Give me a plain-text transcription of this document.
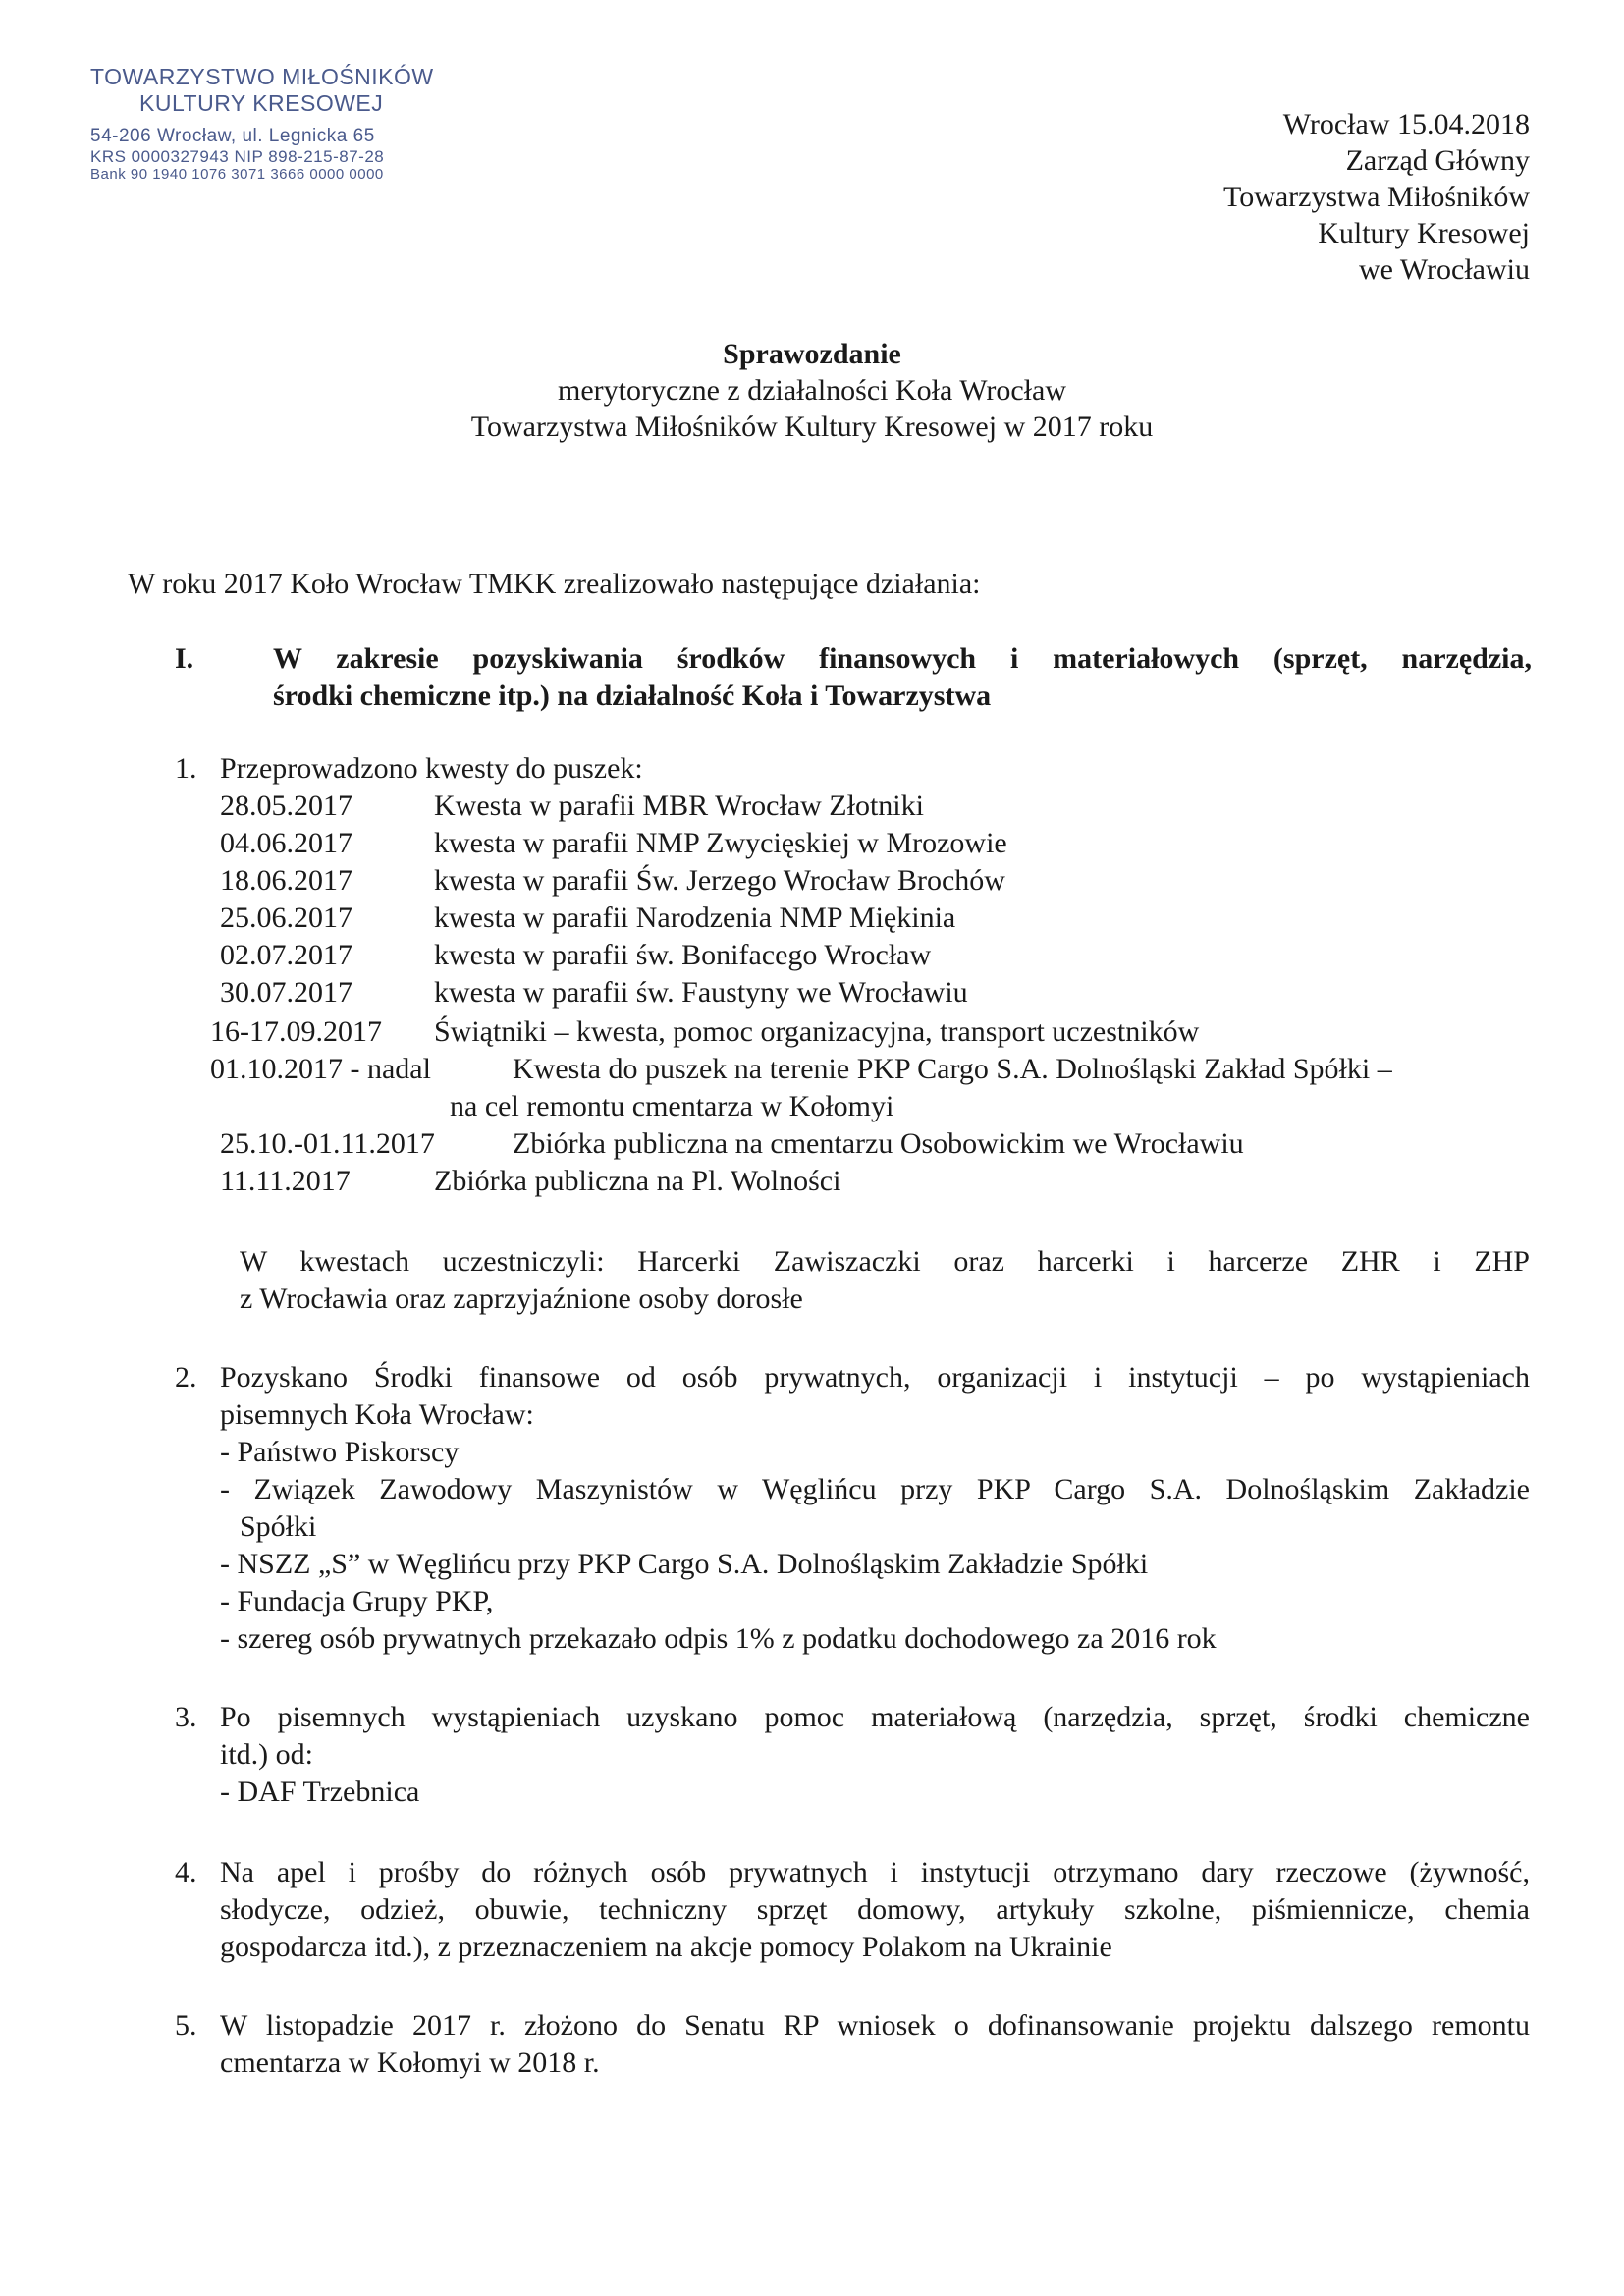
TOWARZYSTWO MIŁOŚNIKÓW
KULTURY KRESOWEJ
54-206 Wrocław, ul. Legnicka 65
KRS 0000327943 NIP 898-215-87-28
Bank 90 1940 1076 3071 3666 0000 0000
Wrocław 15.04.2018
Zarząd Główny
Towarzystwa Miłośników
Kultury Kresowej
we Wrocławiu
Sprawozdanie
merytoryczne z działalności Koła Wrocław
Towarzystwa Miłośników Kultury Kresowej w 2017 roku
W roku 2017 Koło Wrocław TMKK zrealizowało następujące działania:
I.	W zakresie pozyskiwania środków finansowych i materiałowych (sprzęt, narzędzia,
środki chemiczne itp.) na działalność Koła i Towarzystwa
1. Przeprowadzono kwesty do puszek:
28.05.2017	Kwesta w parafii MBR Wrocław Złotniki
04.06.2017	kwesta w parafii NMP Zwycięskiej w Mrozowie
18.06.2017	kwesta w parafii Św. Jerzego Wrocław Brochów
25.06.2017	kwesta w parafii Narodzenia NMP Miękinia
02.07.2017	kwesta w parafii św. Bonifacego Wrocław
30.07.2017	kwesta w parafii św. Faustyny we Wrocławiu
16-17.09.2017 Świątniki – kwesta, pomoc organizacyjna, transport uczestników
01.10.2017 - nadal	Kwesta do puszek na terenie PKP Cargo S.A. Dolnośląski Zakład Spółki –
na cel remontu cmentarza w Kołomyi
25.10.-01.11.2017	Zbiórka publiczna na cmentarzu Osobowickim we Wrocławiu
11.11.2017	Zbiórka publiczna na Pl. Wolności
W kwestach uczestniczyli: Harcerki Zawiszaczki oraz harcerki i harcerze ZHR i ZHP
z Wrocławia oraz zaprzyjaźnione osoby dorosłe
2. Pozyskano Środki finansowe od osób prywatnych, organizacji i instytucji – po wystąpieniach
pisemnych Koła Wrocław:
- Państwo Piskorscy
- Związek Zawodowy Maszynistów w Węglińcu przy PKP Cargo S.A. Dolnośląskim Zakładzie
Spółki
- NSZZ „S” w Węglińcu przy PKP Cargo S.A. Dolnośląskim Zakładzie Spółki
- Fundacja Grupy PKP,
- szereg osób prywatnych przekazało odpis 1% z podatku dochodowego za 2016 rok
3. Po pisemnych wystąpieniach uzyskano pomoc materiałową (narzędzia, sprzęt, środki chemiczne
itd.) od:
- DAF Trzebnica
4. Na apel i prośby do różnych osób prywatnych i instytucji otrzymano dary rzeczowe (żywność,
słodycze, odzież, obuwie, techniczny sprzęt domowy, artykuły szkolne, piśmiennicze, chemia
gospodarcza itd.), z przeznaczeniem na akcje pomocy Polakom na Ukrainie
5. W listopadzie 2017 r. złożono do Senatu RP wniosek o dofinansowanie projektu dalszego remontu
cmentarza w Kołomyi w 2018 r.
